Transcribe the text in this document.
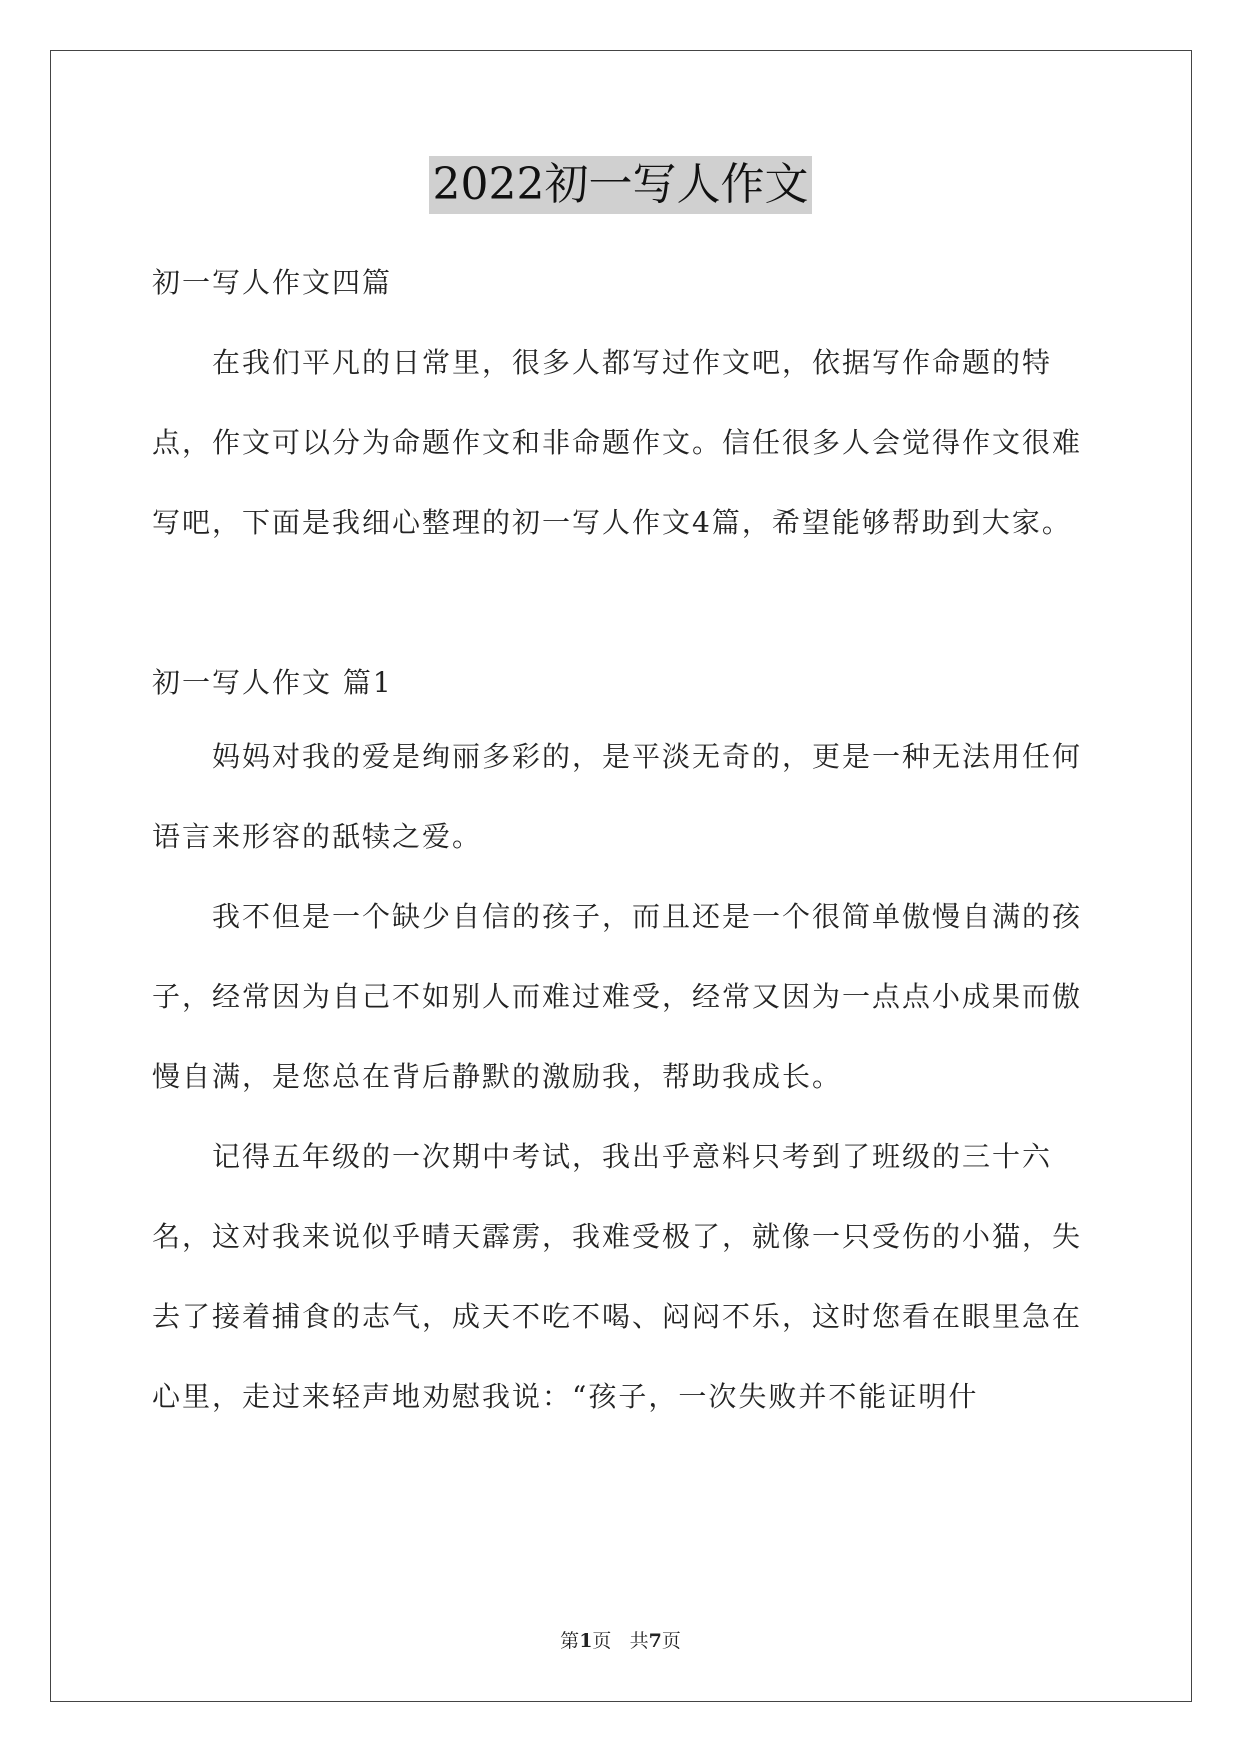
2022初一写人作文

初一写人作文四篇

在我们平凡的日常里，很多人都写过作文吧，依据写作命题的特点，作文可以分为命题作文和非命题作文。信任很多人会觉得作文很难写吧，下面是我细心整理的初一写人作文4篇，希望能够帮助到大家。

初一写人作文 篇1

妈妈对我的爱是绚丽多彩的，是平淡无奇的，更是一种无法用任何语言来形容的舐犊之爱。

我不但是一个缺少自信的孩子，而且还是一个很简单傲慢自满的孩子，经常因为自己不如别人而难过难受，经常又因为一点点小成果而傲慢自满，是您总在背后静默的激励我，帮助我成长。

记得五年级的一次期中考试，我出乎意料只考到了班级的三十六名，这对我来说似乎晴天霹雳，我难受极了，就像一只受伤的小猫，失去了接着捕食的志气，成天不吃不喝、闷闷不乐，这时您看在眼里急在心里，走过来轻声地劝慰我说：“孩子，一次失败并不能证明什

第1页 共7页
